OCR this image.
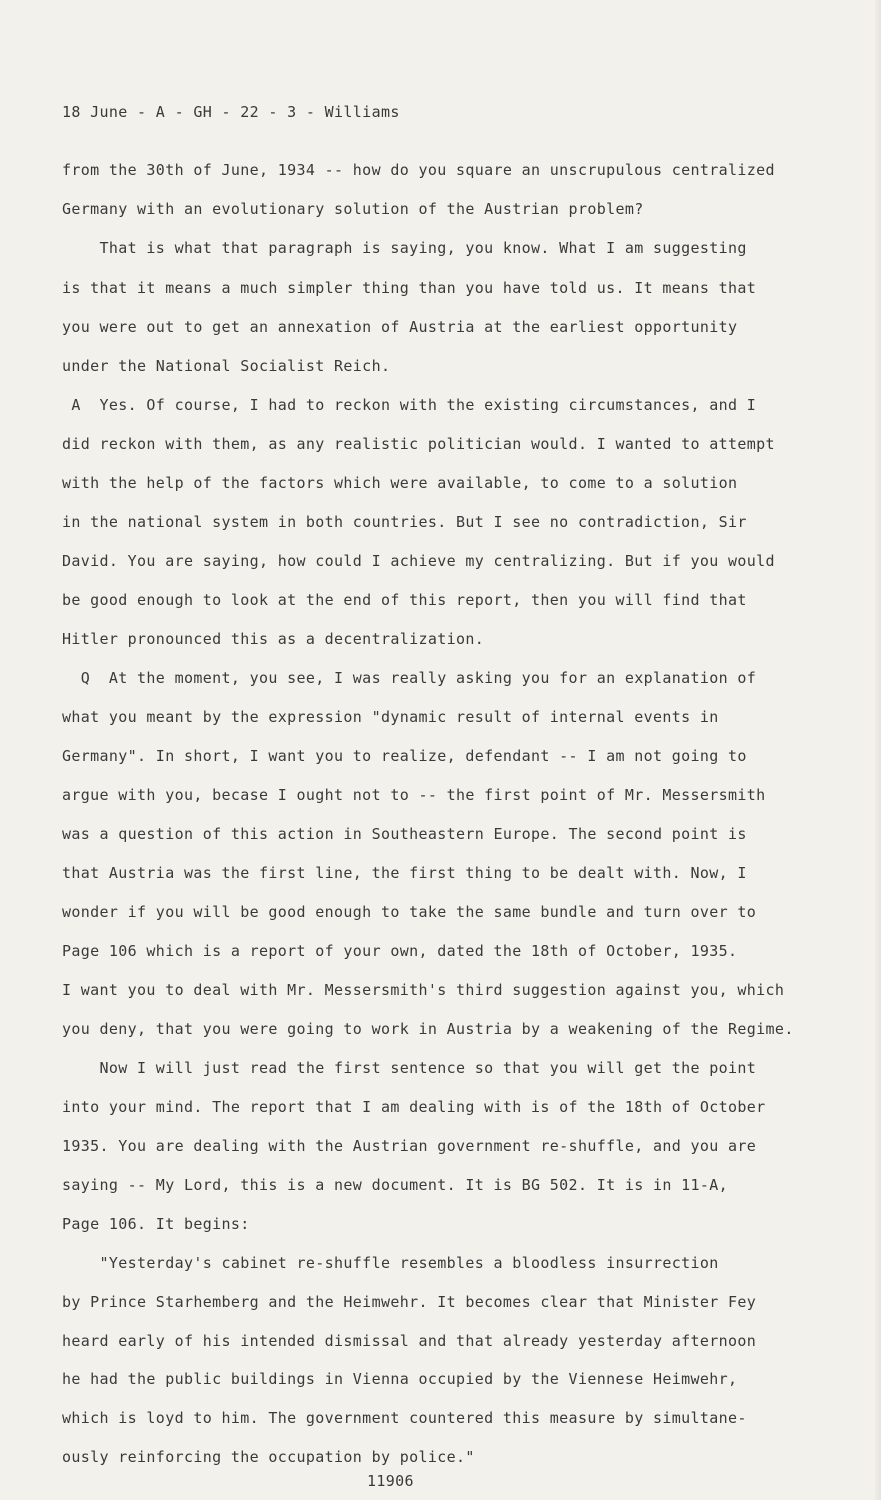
18 June - A - GH - 22 - 3 - Williams
from the 30th of June, 1934 -- how do you square an unscrupulous centralized
Germany with an evolutionary solution of the Austrian problem?
That is what that paragraph is saying, you know. What I am suggesting
is that it means a much simpler thing than you have told us. It means that
you were out to get an annexation of Austria at the earliest opportunity
under the National Socialist Reich.
A  Yes. Of course, I had to reckon with the existing circumstances, and I
did reckon with them, as any realistic politician would. I wanted to attempt
with the help of the factors which were available, to come to a solution
in the national system in both countries. But I see no contradiction, Sir
David. You are saying, how could I achieve my centralizing. But if you would
be good enough to look at the end of this report, then you will find that
Hitler pronounced this as a decentralization.
Q  At the moment, you see, I was really asking you for an explanation of
what you meant by the expression "dynamic result of internal events in
Germany". In short, I want you to realize, defendant -- I am not going to
argue with you, becase I ought not to -- the first point of Mr. Messersmith
was a question of this action in Southeastern Europe. The second point is
that Austria was the first line, the first thing to be dealt with. Now, I
wonder if you will be good enough to take the same bundle and turn over to
Page 106 which is a report of your own, dated the 18th of October, 1935.
I want you to deal with Mr. Messersmith's third suggestion against you, which
you deny, that you were going to work in Austria by a weakening of the Regime.
Now I will just read the first sentence so that you will get the point
into your mind. The report that I am dealing with is of the 18th of October
1935. You are dealing with the Austrian government re-shuffle, and you are
saying -- My Lord, this is a new document. It is BG 502. It is in 11-A,
Page 106. It begins:
"Yesterday's cabinet re-shuffle resembles a bloodless insurrection
by Prince Starhemberg and the Heimwehr. It becomes clear that Minister Fey
heard early of his intended dismissal and that already yesterday afternoon
he had the public buildings in Vienna occupied by the Viennese Heimwehr,
which is loyd to him. The government countered this measure by simultane-
ously reinforcing the occupation by police."
11906
